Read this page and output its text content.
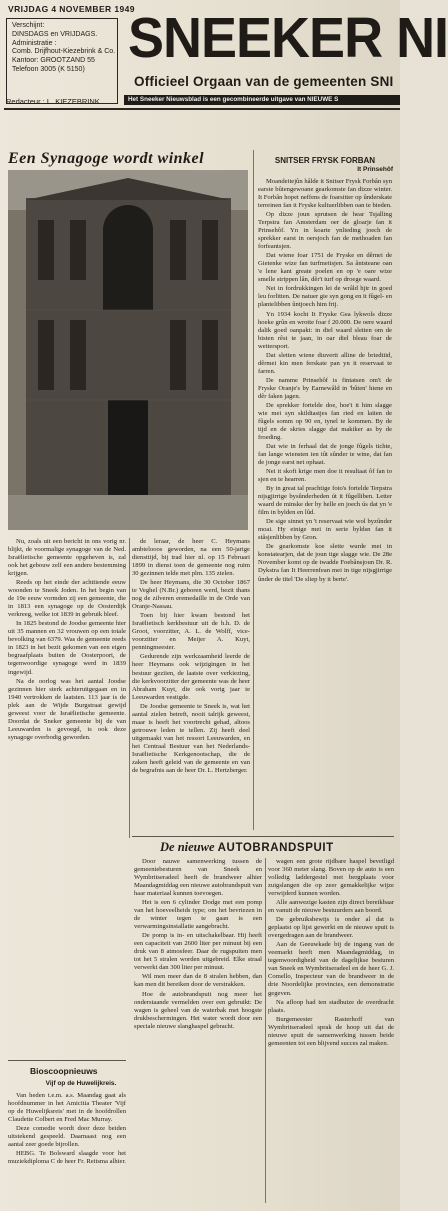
VRIJDAG 4 NOVEMBER 1949
Verschijnt:
DINSDAGS en VRIJDAGS.
Administratie :
Comb. Drijfhout-Kiezebrink & Co.
Kantoor: GROOTZAND 55
Telefoon 3005 (K 5150) SNEEKER NI
Officieel Orgaan van de gemeenten SNI
Redacteur : L. KIEZEBRINK	Het Sneeker Nieuwsblad is een gecombineerde uitgave van NIEUWE S
Een Synagoge wordt winkel

Nu, zoals uit een bericht in ons vorig nr. blijkt, de voormalige synagoge van de Ned. Israëlietische gemeente opgeheven is, zal ook het gebouw zelf een andere bestemming krijgen.

Reeds op het einde der achttiende eeuw woonden te Sneek Joden. In het begin van de 19e eeuw vormden zij een gemeente, die in 1813 een synagoge op de Oosterdijk verkreeg, welke tot 1839 in gebruik bleef.

In 1825 bestond de Joodse gemeente hier uit 35 mannen en 32 vrouwen op een totale bevolking van 6379. Was de gemeente reeds in 1823 in het bezit gekomen van een eigen begraafplaats buiten de Oosterpoort, de tegenwoordige synagoge werd in 1839 ingewijd.

Na de oorlog was het aantal Joodse gezinnen hier sterk achteruitgegaan en in 1940 vertrokken de laatsten. 113 jaar is de plek aan de Wijde Burgstraat gewijd geweest voor de Israëlietische gemeente. Doordat de Sneker gemeente bij de van Leeuwarden is gevoegd, is ook deze synagoge overbodig geworden.

de leraar, de heer C. Heymans ambtelooos geworden, na een 50-jarige diensttijd, bij trad hier nl. op 15 Februari 1899 in dienst toen de gemeente nog ruim 30 gezinnen telde met plm. 135 zielen.

De heer Heymans, die 30 October 1867 te Veghel (N.Br.) geboren werd, bezit thans nog de zilveren eremedaille in de Orde van Oranje-Nassau.

Toen bij hier kwam bestond het Israëlietisch kerkbestuur uit de h.h. D. de Groot, voorzitter, A. L. de Wolff, vice-voorzitter en Meijer A. Kuyt, penningmeester.

Gedurende zijn werkzaamheid leerde de heer Heymans ook wijzigingen in het bestuur geziien, de laatste over verkiezing, die kerkvoorzitter der gemeente was de heer Abraham Kuyt, die ook vorig jaar te Leeuwarden vestigde.

De Joodse gemeente te Sneek is, wat het aantal zielen betreft, nooit talrijk geweest, maar is heeft het voortrecht gehad, altoos getrouwe leden te tellen. Zij heeft deel uitgemaakt van het ressort Leeuwarden, en het Centraal Bestuur van het Nederlands-Israëlietische Kerkgenootschap, die de zaken heeft geleid van de gemeente en van de begrafnis aan de heer Dr. L. Hertzberger.

SNITSER FRYSK FORBAN
It Prinsehôf

Moandeitejûn hâlde it Snitser Frysk Forbân syn earste bûtengewoane gearkomste fan dizze winter. It Forbân hopet neffens de foarsitter op ûnderskate terreinen fan it Fryske kultuerlibben oan te bieden.

Op dizze joun sprutsen de hear Tsjalling Terpstra fan Amsterdam oer de gloarje fan it Prinsehôf. Yn in koarte ynlieding joech de sprekker earst in oersjoch fan de methoaden fan forfeantsjen.

Dat wiene foar 1751 de Fryske en dêrnei de Gietenke wize fan turfmeitsjen. Sa ântsteane oan 'e lene kant greate poelen en op 'e oare wize smelle strippen lân, dêr't turf op droege waard.

Nei in fordrukkingen lei de wrâld hjir in goed leu forlitten. De natuer gie syn gong en it fûgel- en plantelibben ûntjoech him frij.

Yn 1934 kocht It Fryske Gea lykwols dizze hoeke grûn en wrotte foar f 20.000. De oere waard dalik goed oanpakt: in diel waard sletten om de bisten rêst te jaan, in oar diel bleau foar de wettersport.

Dat sletten wiene diuvertt alline de briedtiid, dêrmei kin men ferskate pan yn it reservaat te farren.

De namme Prinsehôf is fintatsen om't de Fryske Oranje's by Earnewâld in 'bûten' hiene en dêr faken jagen.

De sprekker fortelde doe, hoe't it him slagge wie mei syn skildtastjes fan ried en laiten de fûgels somm op 90 en, tynel te kommen. By de tijd en de skries slagge dat makiker as by de froeding.

Dat wie in ferhaal dat de jonge fûgels tichte, fan lange wiensten ien tût sûnder te wine, dat fan de jonge earst net ophaat.

Nei it skoft krige men doe it resultaat ôf fan to sjen en te hearren.

By in great tal prachtige foto's fortelde Terpstra nijsgjirrige bysûnderheden út it fûgelliben. Letter waard de minske der by helle en joech ús dat yn 'e film in bylden en lûd.

De sige sinnet yn 't reservaat wie wol byzûnder moai. Hy einige mei in serie byldsn fan it stâsjenlibben by Gron.

De gearkomste koe slette wurde mei in konstatearjen, dat de joun tige slagge wie. De 28e November komt op de twadde Foebânsjoun Dr. R. Dykstra fan It Heerrenfean mei in tige nijsgjirrige ûnder de titel 'De sliep by it berte'.

De nieuwe AUTOBRANDSPUIT

Door nauwe samenwerking tussen de gemeentebesturen van Sneek en Wymbritseradeel heeft de brandweer alhier Maandagmiddag een nieuwe autobrandspuit van haar materiaal kunnen toevoegen.

Het is een 6 cylinder Dodge met een pomp van het hoeveelheids type; om het bevriezen in de winter tegen te gaan is een verwarmingsinstallatie aangebracht.

De pomp is in- en uitschakelbaar. Hij heeft een capaciteit van 2600 liter per minuut bij een druk van 8 atmosfeer. Daar de rugspuiten men tot het 5 stralen worden uitgebreid. Elke straal verwerkt dan 300 liter per minuut.

Wil men meer dan de 8 stralen hebben, dan kan men dit bereiken door de verstrakken.

Hoe de autobrandspuit nog meer het onderstaande vermelden over een gebruikt: De wagen is geheel van de waterbak met hoogste drukbeschermingen. Het water wordt door een speciale nieuwe slanghaspel gebracht.

wagen een grote rijdbare haspel beveiligd voor 360 meter slang. Boven op de auto is een volledig laddergestel met bergplaats voor zuigslangen die op zeer gemakkelijke wijze verwijderd kunnen worden.

Alle aanwezige kasten zijn direct bereikbaar en vanuit de nieuwe bestuurders aan boord.

De gebruiksbewijs is onder al dat is geplaatst op lijst gewerkt en de nieuwe spuit is overgedragen aan de brandweer.

Aan de Geeuwkade bij de ingang van de veemarkt heeft men Maandagmiddag, in tegenwoordigheid van de dagelijkse besturen van Sneek en Wymbritseradeel en de heer G. J. Comello, Inspecteur van de brandweer in de drie Noordelijke provincies, een demonstratie gegeven.

Na afloop had ten stadhuize de overdracht plaats.

Burgemeester Rasterhoff van Wymbritseradeel sprak de hoop uit dat de nieuwe spuit de samenwerking tussen beide gemeenten tot een blijvend succes zal maken.

Bioscoopnieuws
Vijf op de Huwelijkreis.

Van heden t.e.m. a.s. Maandag gaat als hoofdnummer in het Amicitia Theater 'Vijf op de Huwelijksreis' met in de hoofdrollen Claudette Colbert en Fred Mac Murray.

Deze comedie wordt door deze beiden uitstekend gespeeld. Daarnaast nog een aantal zeer goede bijrollen.

HEBG. Te Bolsward slaagde voor het muziekdiploma C de heer Fr. Reitsma alhier.
